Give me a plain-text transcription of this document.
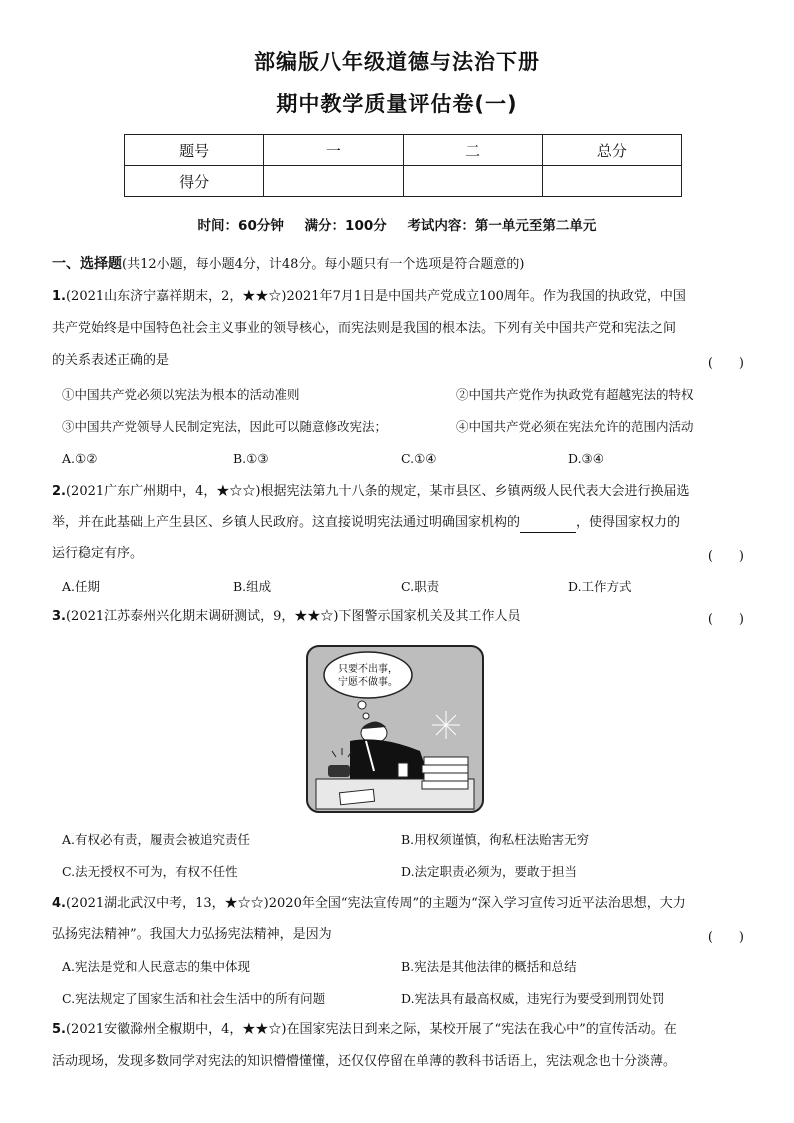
部编版八年级道德与法治下册
期中教学质量评估卷(一)
题号	一	二	总分
得分			
时间：60分钟 满分：100分 考试内容：第一单元至第二单元
一、选择题(共12小题，每小题4分，计48分。每小题只有一个选项是符合题意的)
1.(2021山东济宁嘉祥期末，2，★★☆)2021年7月1日是中国共产党成立100周年。作为我国的执政党，中国
共产党始终是中国特色社会主义事业的领导核心，而宪法则是我国的根本法。下列有关中国共产党和宪法之间
的关系表述正确的是	(　　)
①中国共产党必须以宪法为根本的活动准则	②中国共产党作为执政党有超越宪法的特权
③中国共产党领导人民制定宪法，因此可以随意修改宪法；	④中国共产党必须在宪法允许的范围内活动
A.①②	B.①③	C.①④	D.③④
2.(2021广东广州期中，4，★☆☆)根据宪法第九十八条的规定，某市县区、乡镇两级人民代表大会进行换届选
举，并在此基础上产生县区、乡镇人民政府。这直接说明宪法通过明确国家机构的	，使得国家权力的
运行稳定有序。	(　　)
A.任期	B.组成	C.职责	D.工作方式
3.(2021江苏泰州兴化期末调研测试，9，★★☆)下图警示国家机关及其工作人员	(　　)
只要不出事，
宁愿不做事。
A.有权必有责，履责会被追究责任	B.用权须谨慎，徇私枉法贻害无穷
C.法无授权不可为，有权不任性	D.法定职责必须为，要敢于担当
4.(2021湖北武汉中考，13，★☆☆)2020年全国“宪法宣传周”的主题为“深入学习宣传习近平法治思想，大力
弘扬宪法精神”。我国大力弘扬宪法精神，是因为	(　　)
A.宪法是党和人民意志的集中体现	B.宪法是其他法律的概括和总结
C.宪法规定了国家生活和社会生活中的所有问题	D.宪法具有最高权威，违宪行为要受到刑罚处罚
5.(2021安徽滁州全椒期中，4，★★☆)在国家宪法日到来之际，某校开展了“宪法在我心中”的宣传活动。在
活动现场，发现多数同学对宪法的知识懵懵懂懂，还仅仅停留在单薄的教科书话语上，宪法观念也十分淡薄。
